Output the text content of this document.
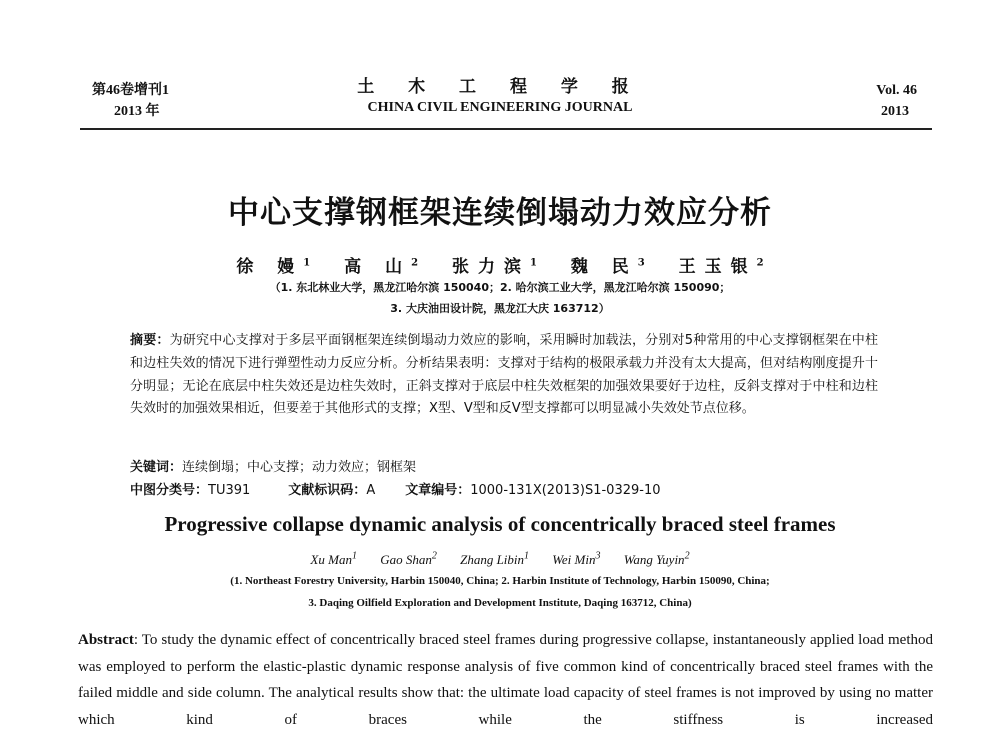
第46卷增刊1
2013 年
土 木 工 程 学 报
CHINA CIVIL ENGINEERING JOURNAL
Vol. 46
2013
中心支撑钢框架连续倒塌动力效应分析
徐 嫚$^1$ 高 山$^2$ 张力滨$^1$ 魏 民$^3$ 王玉银$^2$
（1. 东北林业大学，黑龙江哈尔滨 150040；2. 哈尔滨工业大学，黑龙江哈尔滨 150090；
3. 大庆油田设计院，黑龙江大庆 163712）
摘要：为研究中心支撑对于多层平面钢框架连续倒塌动力效应的影响，采用瞬时加载法，分别对5种常用的中心支撑钢框架在中柱和边柱失效的情况下进行弹塑性动力反应分析。分析结果表明：支撑对于结构的极限承载力并没有太大提高，但对结构刚度提升十分明显；无论在底层中柱失效还是边柱失效时，正斜支撑对于底层中柱失效框架的加强效果要好于边柱，反斜支撑对于中柱和边柱失效时的加强效果相近，但要差于其他形式的支撑；X型、V型和反V型支撑都可以明显减小失效处节点位移。
关键词：连续倒塌；中心支撑；动力效应；钢框架
中图分类号：TU391	文献标识码：A 文章编号：1000-131X(2013)S1-0329-10
Progressive collapse dynamic analysis of concentrically braced steel frames
Xu Man$^1$ Gao Shan$^2$ Zhang Libin$^1$ Wei Min$^3$ Wang Yuyin$^2$
(1. Northeast Forestry University, Harbin 150040, China; 2. Harbin Institute of Technology, Harbin 150090, China;
3. Daqing Oilfield Exploration and Development Institute, Daqing 163712, China)
Abstract: To study the dynamic effect of concentrically braced steel frames during progressive collapse, instantaneously applied load method was employed to perform the elastic-plastic dynamic response analysis of five common kind of concentrically braced steel frames with the failed middle and side column. The analytical results show that: the ultimate load capacity of steel frames is not improved by using no matter which kind of braces while the stiffness is increased
